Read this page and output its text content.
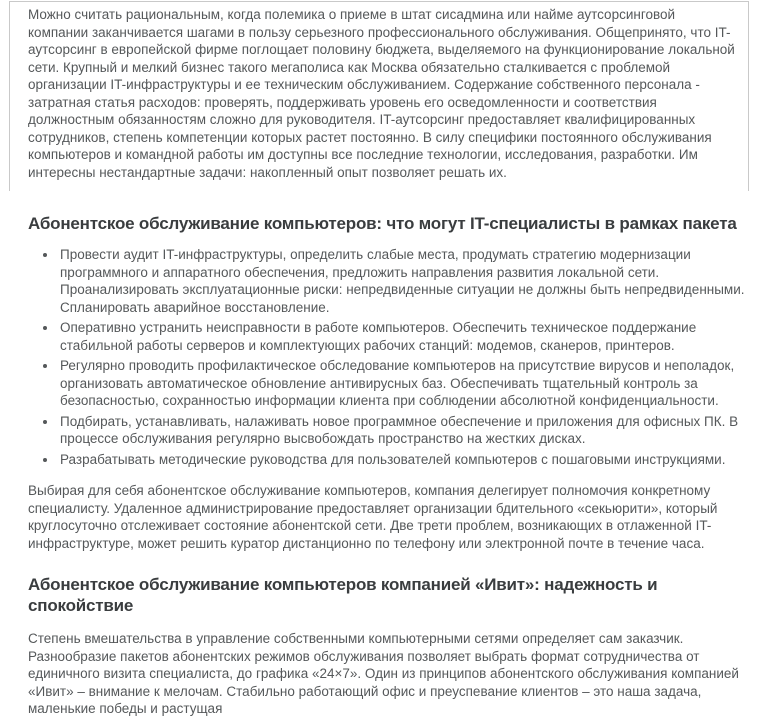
Можно считать рациональным, когда полемика о приеме в штат сисадмина или найме аутсорсинговой компании заканчивается шагами в пользу серьезного профессионального обслуживания. Общепринято, что IT-аутсорсинг в европейской фирме поглощает половину бюджета, выделяемого на функционирование локальной сети. Крупный и мелкий бизнес такого мегаполиса как Москва обязательно сталкивается с проблемой организации IT-инфраструктуры и ее техническим обслуживанием. Содержание собственного персонала - затратная статья расходов: проверять, поддерживать уровень его осведомленности и соответствия должностным обязанностям сложно для руководителя. IT-аутсорсинг предоставляет квалифицированных сотрудников, степень компетенции которых растет постоянно. В силу специфики постоянного обслуживания компьютеров и командной работы им доступны все последние технологии, исследования, разработки. Им интересны нестандартные задачи: накопленный опыт позволяет решать их.

Абонентское обслуживание компьютеров: что могут IT-специалисты в рамках пакета
• Провести аудит IT-инфраструктуры, определить слабые места, продумать стратегию модернизации программного и аппаратного обеспечения, предложить направления развития локальной сети. Проанализировать эксплуатационные риски: непредвиденные ситуации не должны быть непредвиденными. Спланировать аварийное восстановление.
• Оперативно устранить неисправности в работе компьютеров. Обеспечить техническое поддержание стабильной работы серверов и комплектующих рабочих станций: модемов, сканеров, принтеров.
• Регулярно проводить профилактическое обследование компьютеров на присутствие вирусов и неполадок, организовать автоматическое обновление антивирусных баз. Обеспечивать тщательный контроль за безопасностью, сохранностью информации клиента при соблюдении абсолютной конфиденциальности.
• Подбирать, устанавливать, налаживать новое программное обеспечение и приложения для офисных ПК. В процессе обслуживания регулярно высвобождать пространство на жестких дисках.
• Разрабатывать методические руководства для пользователей компьютеров с пошаговыми инструкциями.

Выбирая для себя абонентское обслуживание компьютеров, компания делегирует полномочия конкретному специалисту. Удаленное администрирование предоставляет организации бдительного «секьюрити», который круглосуточно отслеживает состояние абонентской сети. Две трети проблем, возникающих в отлаженной IT-инфраструктуре, может решить куратор дистанционно по телефону или электронной почте в течение часа.

Абонентское обслуживание компьютеров компанией «Ивит»: надежность и спокойствие

Степень вмешательства в управление собственными компьютерными сетями определяет сам заказчик. Разнообразие пакетов абонентских режимов обслуживания позволяет выбрать формат сотрудничества от единичного визита специалиста, до графика «24×7». Один из принципов абонентского обслуживания компанией «Ивит» – внимание к мелочам. Стабильно работающий офис и преуспевание клиентов – это наша задача, маленькие победы и растущая
